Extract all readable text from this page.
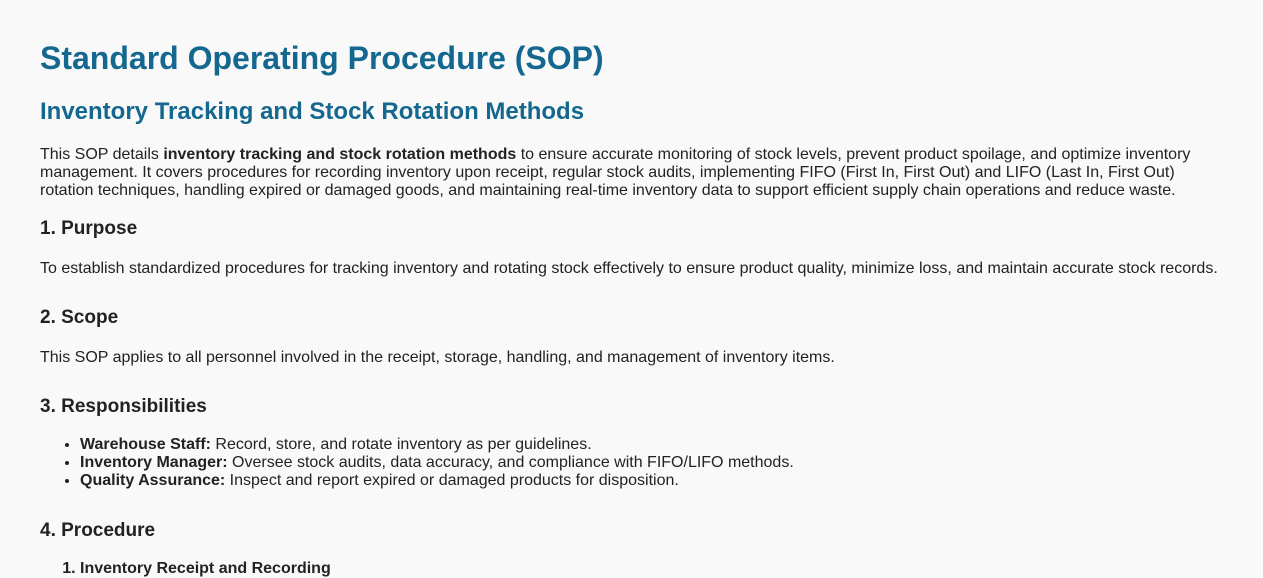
Standard Operating Procedure (SOP)
Inventory Tracking and Stock Rotation Methods

This SOP details inventory tracking and stock rotation methods to ensure accurate monitoring of stock levels, prevent product spoilage, and optimize inventory management. It covers procedures for recording inventory upon receipt, regular stock audits, implementing FIFO (First In, First Out) and LIFO (Last In, First Out) rotation techniques, handling expired or damaged goods, and maintaining real-time inventory data to support efficient supply chain operations and reduce waste.

1. Purpose

To establish standardized procedures for tracking inventory and rotating stock effectively to ensure product quality, minimize loss, and maintain accurate stock records.

2. Scope

This SOP applies to all personnel involved in the receipt, storage, handling, and management of inventory items.

3. Responsibilities
• Warehouse Staff: Record, store, and rotate inventory as per guidelines.
• Inventory Manager: Oversee stock audits, data accuracy, and compliance with FIFO/LIFO methods.
• Quality Assurance: Inspect and report expired or damaged products for disposition.
4. Procedure
1. Inventory Receipt and Recording
